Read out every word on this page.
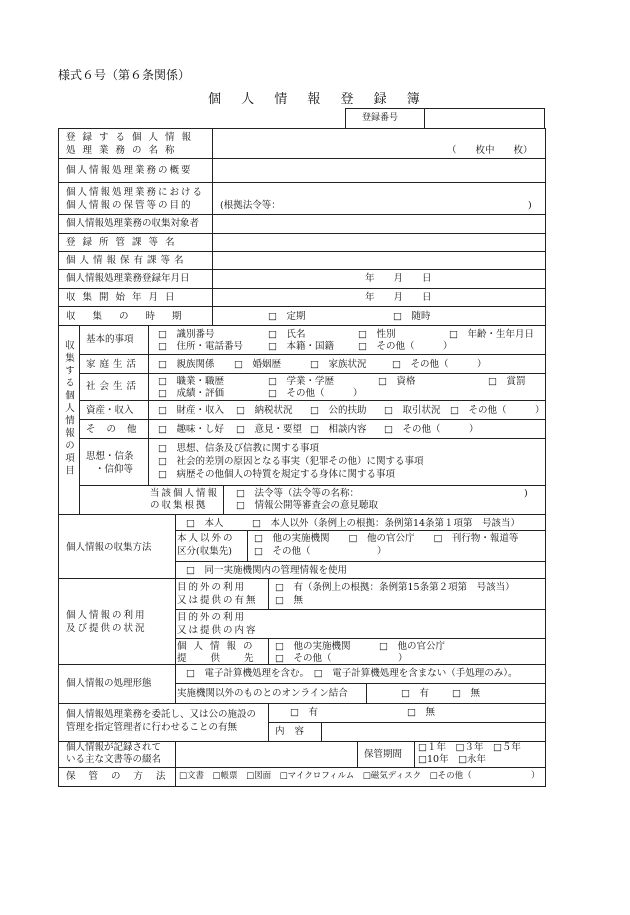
様式６号（第６条関係）
個 人 情 報 登 録 簿
登録番号
登録する個人情報
処理業務の名称	（　　枚中　　枚）
個人情報処理業務の概要
個人情報処理業務における
個人情報の保管等の目的	(根拠法令等：	)
個人情報処理業務の収集対象者
登録所管課等名
個人情報保有課等名
個人情報処理業務登録年月日	年　　月　　日
収集開始年月日	年　　月　　日
収集の時期	□　定期	□　随時
収集する個人情報の項目
基本的事項	□　識別番号	□　氏名	□　性別	□　年齢・生年月日
□　住所・電話番号	□　本籍・国籍	□　その他（　　　）
家庭生活 □　親族関係 □　婚姻歴	□　家族状況	□　その他（　　　）
社会生活 □　職業・職歴	□　学業・学歴	□　資格	□　賞罰
□　成績・評価	□　その他（　　　）
資産・収入	□　財産・収入 □　納税状況 □　公的扶助 □　取引状況 □　その他（　　　）
その他 □　趣味・し好 □　意見・要望 □　相談内容 □　その他（　　　）
思想・信条
・信仰等
□　思想、信条及び信教に関する事項
□　社会的差別の原因となる事実（犯罪その他）に関する事項
□　病歴その他個人の特質を規定する身体に関する事項
当該個人情報
の収集根拠
□　法令等（法令等の名称：	)
□　情報公開等審査会の意見聴取
個人情報の収集方法
□　本人　　　□　本人以外（条例上の根拠：条例第14条第１項第　号該当）
本人以外の
区分(収集先)
□　他の実施機関　　□　他の官公庁　　□　刊行物・報道等
□　その他（　　　　　　　）
□　同一実施機関内の管理情報を使用
個人情報の利用
及び提供の状況
目的外の利用
又は提供の有無
□　有（条例上の根拠：条例第15条第２項第　号該当）
□　無
目的外の利用
又は提供の内容
個人情報の
提供先
□　他の実施機関　　　□　他の官公庁
□　その他（　　　　　　　）
個人情報の処理形態
□　電子計算機処理を含む。　□　電子計算機処理を含まない（手処理のみ）。
実施機関以外のものとのオンライン結合	□　有 □　無
個人情報処理業務を委託し、又は公の施設の
管理を指定管理者に行わせることの有無
□　有	□　無
内容
個人情報が記録されて
いる主な文書等の綴名	保管期間
□１年　□３年　□５年
□10年　□永年
保管の方法 □文書　□帳票　□図面　□マイクロフィルム　□磁気ディスク　□その他（　　　　　　　）
